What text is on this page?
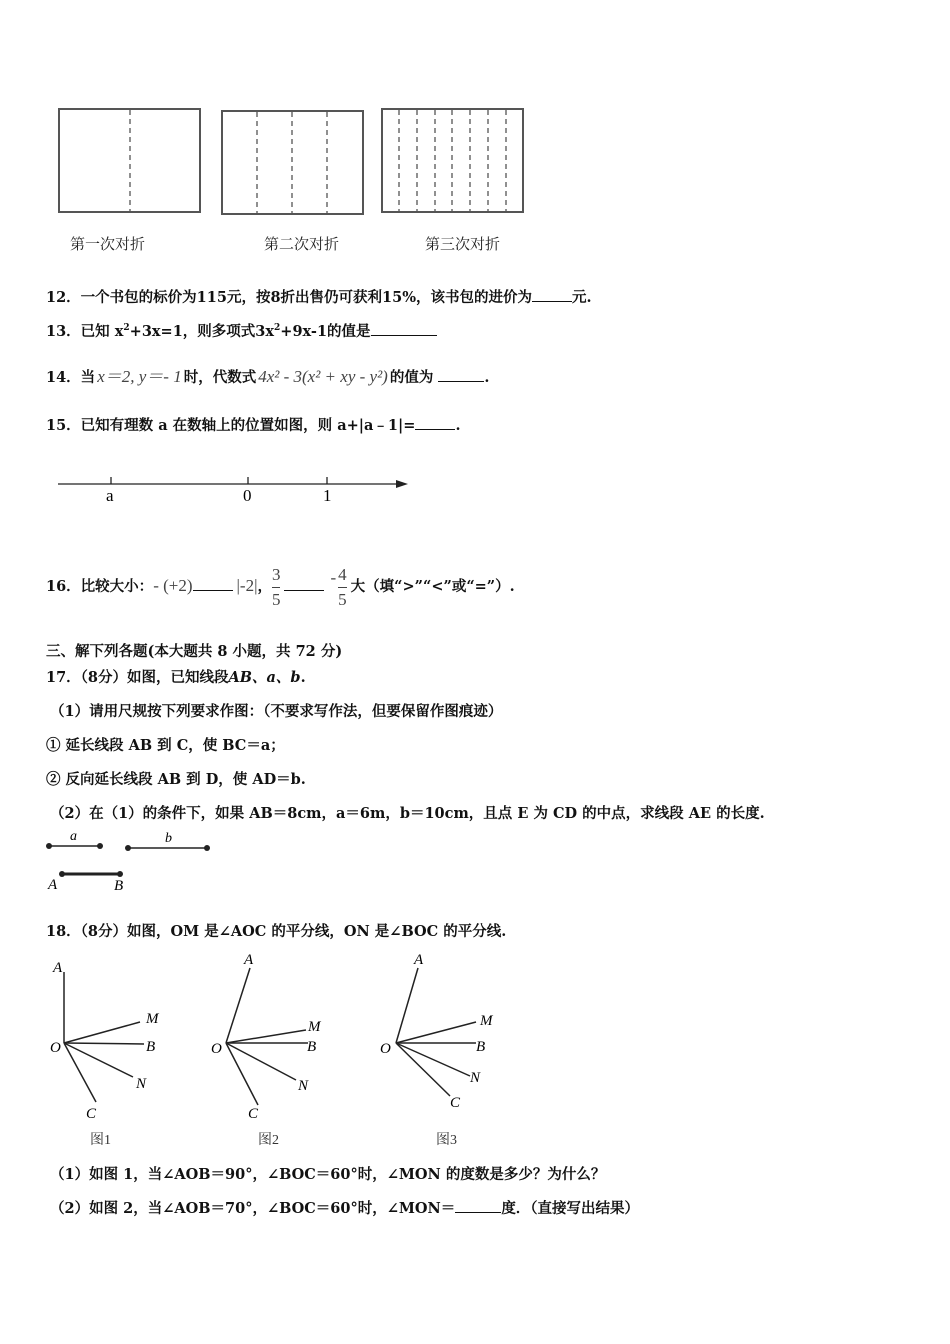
第一次对折	第二次对折	第三次对折
12．一个书包的标价为115元，按8折出售仍可获利15%，该书包的进价为	元.
13．已知 $x^2+3x=1$，则多项式$3x^2+9x-1$的值是
14．当 x＝2, y＝- 1 时，代数式 4x² - 3(x² + xy - y²) 的值为	.
15．已知有理数 a 在数轴上的位置如图，则 a+|a﹣1|=	.
a	0	1
16．比较大小：- (+2)	|-2|， $\frac{3}{5}$	- $\frac{4}{5}$ 大（填“>”“<”或“=”）.
三、解下列各题(本大题共 8 小题，共 72 分)
17．（8分）如图，已知线段AB、a、b.
（1）请用尺规按下列要求作图：（不要求写作法，但要保留作图痕迹）
① 延长线段 AB 到 C，使 BC＝a；
② 反向延长线段 AB 到 D，使 AD＝b.
（2）在（1）的条件下，如果 AB＝8cm，a＝6m，b＝10cm，且点 E 为 CD 的中点，求线段 AE 的长度.
a	b
A	B
18．（8分）如图，OM 是∠AOC 的平分线，ON 是∠BOC 的平分线.
A
M
O	B
N
C
图1
A
M
O	B
N
C
图2
A
M
O	B
N
C
图3
（1）如图 1，当∠AOB＝90°，∠BOC＝60°时，∠MON 的度数是多少？为什么？
（2）如图 2，当∠AOB＝70°，∠BOC＝60°时，∠MON＝	度．（直接写出结果）
